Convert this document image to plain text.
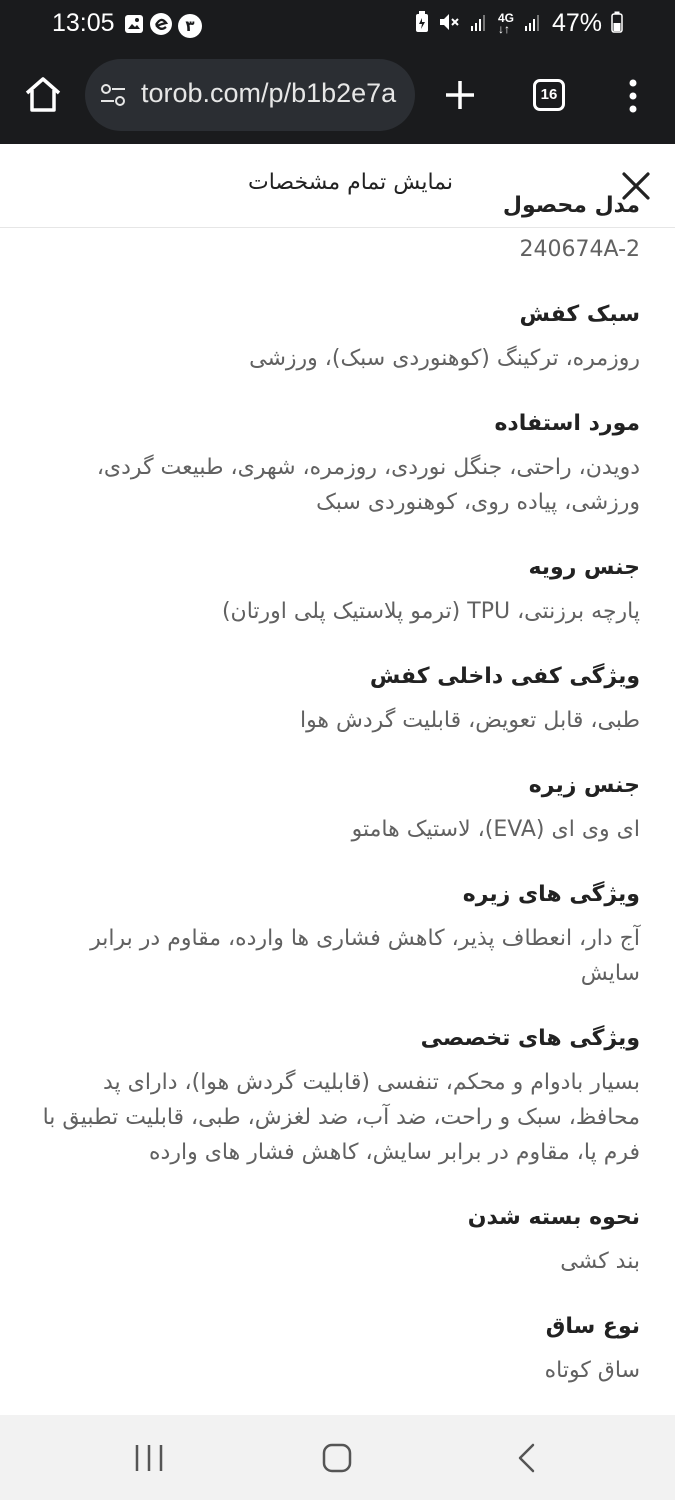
13:05	۳	4G
↓↑ 47%
torob.com/p/b1b2e7a	16
نمایش تمام مشخصات
مدل محصول
240674A-2
سبک کفش
روزمره، ترکینگ (کوهنوردی سبک)، ورزشی
مورد استفاده
دویدن، راحتی، جنگل نوردی، روزمره، شهری، طبیعت گردی، ورزشی، پیاده روی، کوهنوردی سبک
جنس رویه
پارچه برزنتی، TPU (ترمو پلاستیک پلی اورتان)
ویژگی کفی داخلی کفش
طبی، قابل تعویض، قابلیت گردش هوا
جنس زیره
ای وی ای (EVA)، لاستیک هامتو
ویژگی های زیره
آج دار، انعطاف پذیر، کاهش فشاری ها وارده، مقاوم در برابر سایش
ویژگی های تخصصی
بسیار بادوام و محکم، تنفسی (قابلیت گردش هوا)، دارای پد محافظ، سبک و راحت، ضد آب، ضد لغزش، طبی، قابلیت تطبیق با فرم پا، مقاوم در برابر سایش، کاهش فشار های وارده
نحوه بسته شدن
بند کشی
نوع ساق
ساق کوتاه
